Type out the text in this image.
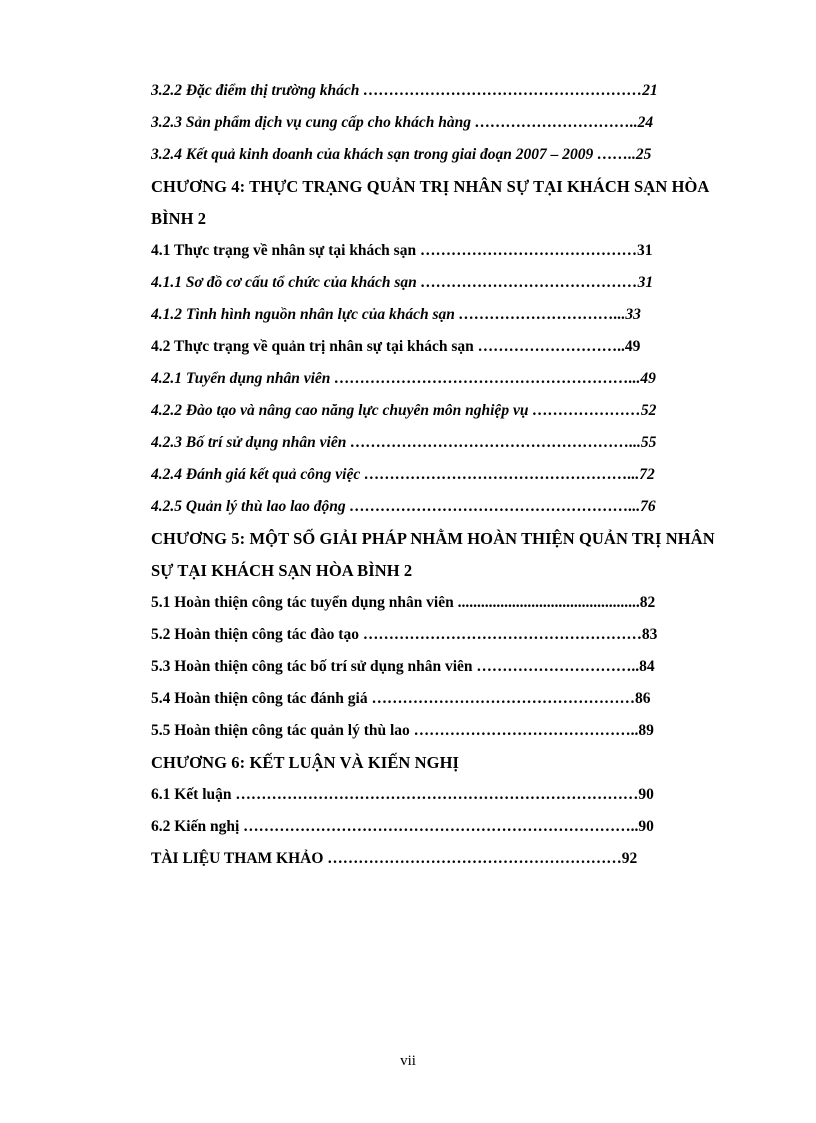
3.2.2 Đặc điểm thị trường khách ………………………………………………21
3.2.3 Sản phẩm dịch vụ cung cấp cho khách hàng …………………………..24
3.2.4 Kết quả kinh doanh của khách sạn trong giai đoạn 2007 – 2009 ……..25
CHƯƠNG 4: THỰC TRẠNG QUẢN TRỊ NHÂN SỰ TẠI KHÁCH SẠN HÒA
BÌNH 2
4.1 Thực trạng về nhân sự tại khách sạn ……………………………………31
4.1.1 Sơ đồ cơ cấu tổ chức của khách sạn ……………………………………31
4.1.2 Tình hình nguồn nhân lực của khách sạn …………………………...33
4.2 Thực trạng về quản trị nhân sự tại khách sạn ………………………..49
4.2.1 Tuyển dụng nhân viên …………………………………………………...49
4.2.2 Đào tạo và nâng cao năng lực chuyên môn nghiệp vụ …………………52
4.2.3 Bố trí sử dụng nhân viên ………………………………………………...55
4.2.4 Đánh giá kết quả công việc ……………………………………………...72
4.2.5 Quản lý thù lao lao động ………………………………………………...76
CHƯƠNG 5: MỘT SỐ GIẢI PHÁP NHẰM HOÀN THIỆN QUẢN TRỊ NHÂN
SỰ TẠI KHÁCH SẠN HÒA BÌNH 2
5.1 Hoàn thiện công tác tuyển dụng nhân viên ...............................................82
5.2 Hoàn thiện công tác đào tạo ………………………………………………83
5.3 Hoàn thiện công tác bố trí sử dụng nhân viên …………………………..84
5.4 Hoàn thiện công tác đánh giá ……………………………………………86
5.5 Hoàn thiện công tác quản lý thù lao ……………………………………..89
CHƯƠNG 6: KẾT LUẬN VÀ KIẾN NGHỊ
6.1 Kết luận ……………………………………………………………………90
6.2 Kiến nghị …………………………………………………………………..90
TÀI LIỆU THAM KHẢO …………………………………………………92
vii
